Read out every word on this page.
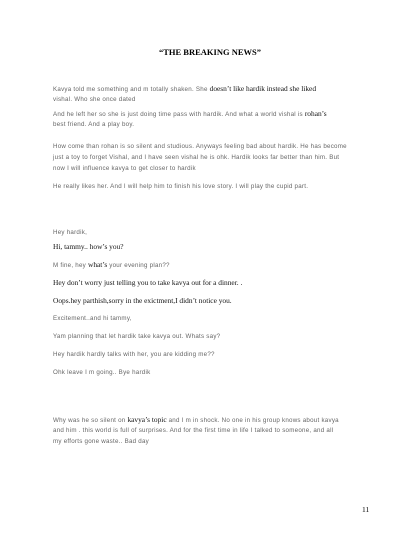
“THE BREAKING NEWS”
Kavya told me something and m totally shaken. She doesn’t like hardik instead she liked
vishal. Who she once dated
And he left her so she is just doing time pass with hardik. And what a world vishal is rohan’s
best friend. And a play boy.
How come than rohan is so silent and studious. Anyways feeling bad about hardik. He has become
just a toy to forget Vishal, and I have seen vishal he is ohk. Hardik looks far better than him. But
now I will influence kavya to get closer to hardik
He really likes her. And I will help him to finish his love story. I will play the cupid part.
Hey hardik,
Hi, tammy.. how’s you?
M fine, hey what’s your evening plan??
Hey don’t worry just telling you to take kavya out for a dinner. .
Oops.hey parthish,sorry in the exictment,I didn’t notice you.
Excitement..and hi tammy,
Yam planning that let hardik take kavya out. Whats say?
Hey hardik hardly talks with her, you are kidding me??
Ohk leave I m going.. Bye hardik
Why was he so silent on kavya’s topic and I m in shock. No one in his group knows about kavya
and him . this world is full of surprises. And for the first time in life I talked to someone, and all
my efforts gone waste.. Bad day
11
